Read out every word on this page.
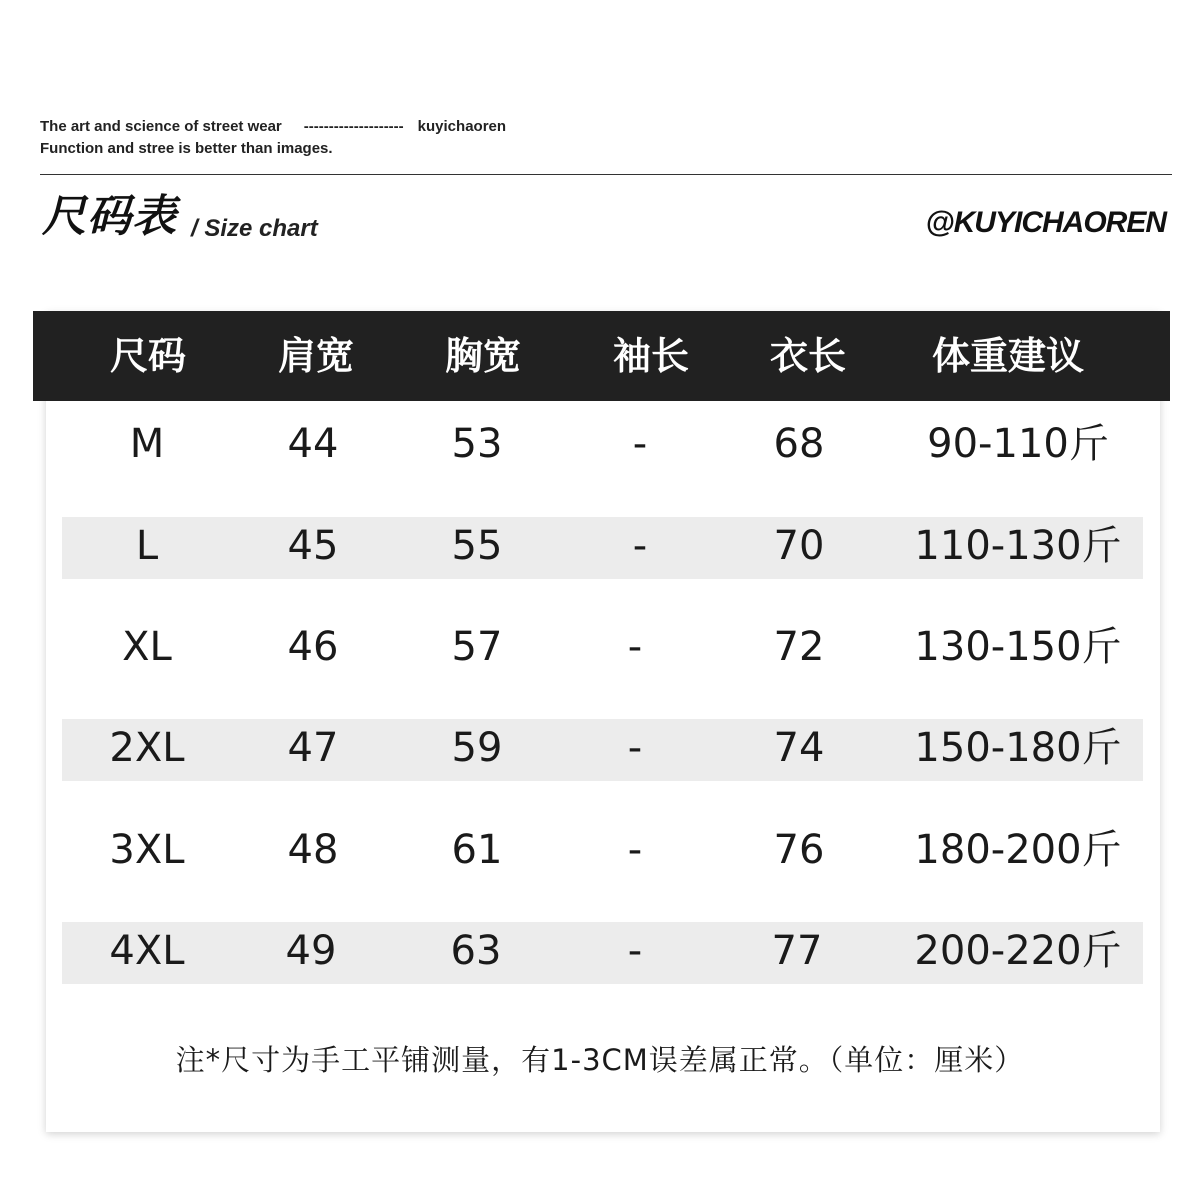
The art and science of street wear -------------------- kuyichaoren
Function and stree is better than images.
尺码表 / Size chart	@KUYICHAOREN
尺码 肩宽 胸宽 袖长 衣长 体重建议
M	44	53	-	68	90-110斤
L	45	55	-	70 110-130斤
XL	46	57	-	72 130-150斤
2XL	47	59	-	74 150-180斤
3XL	48	61	-	76 180-200斤
4XL	49	63	-	77 200-220斤
注*尺寸为手工平铺测量，有1-3CM误差属正常。（单位：厘米）
